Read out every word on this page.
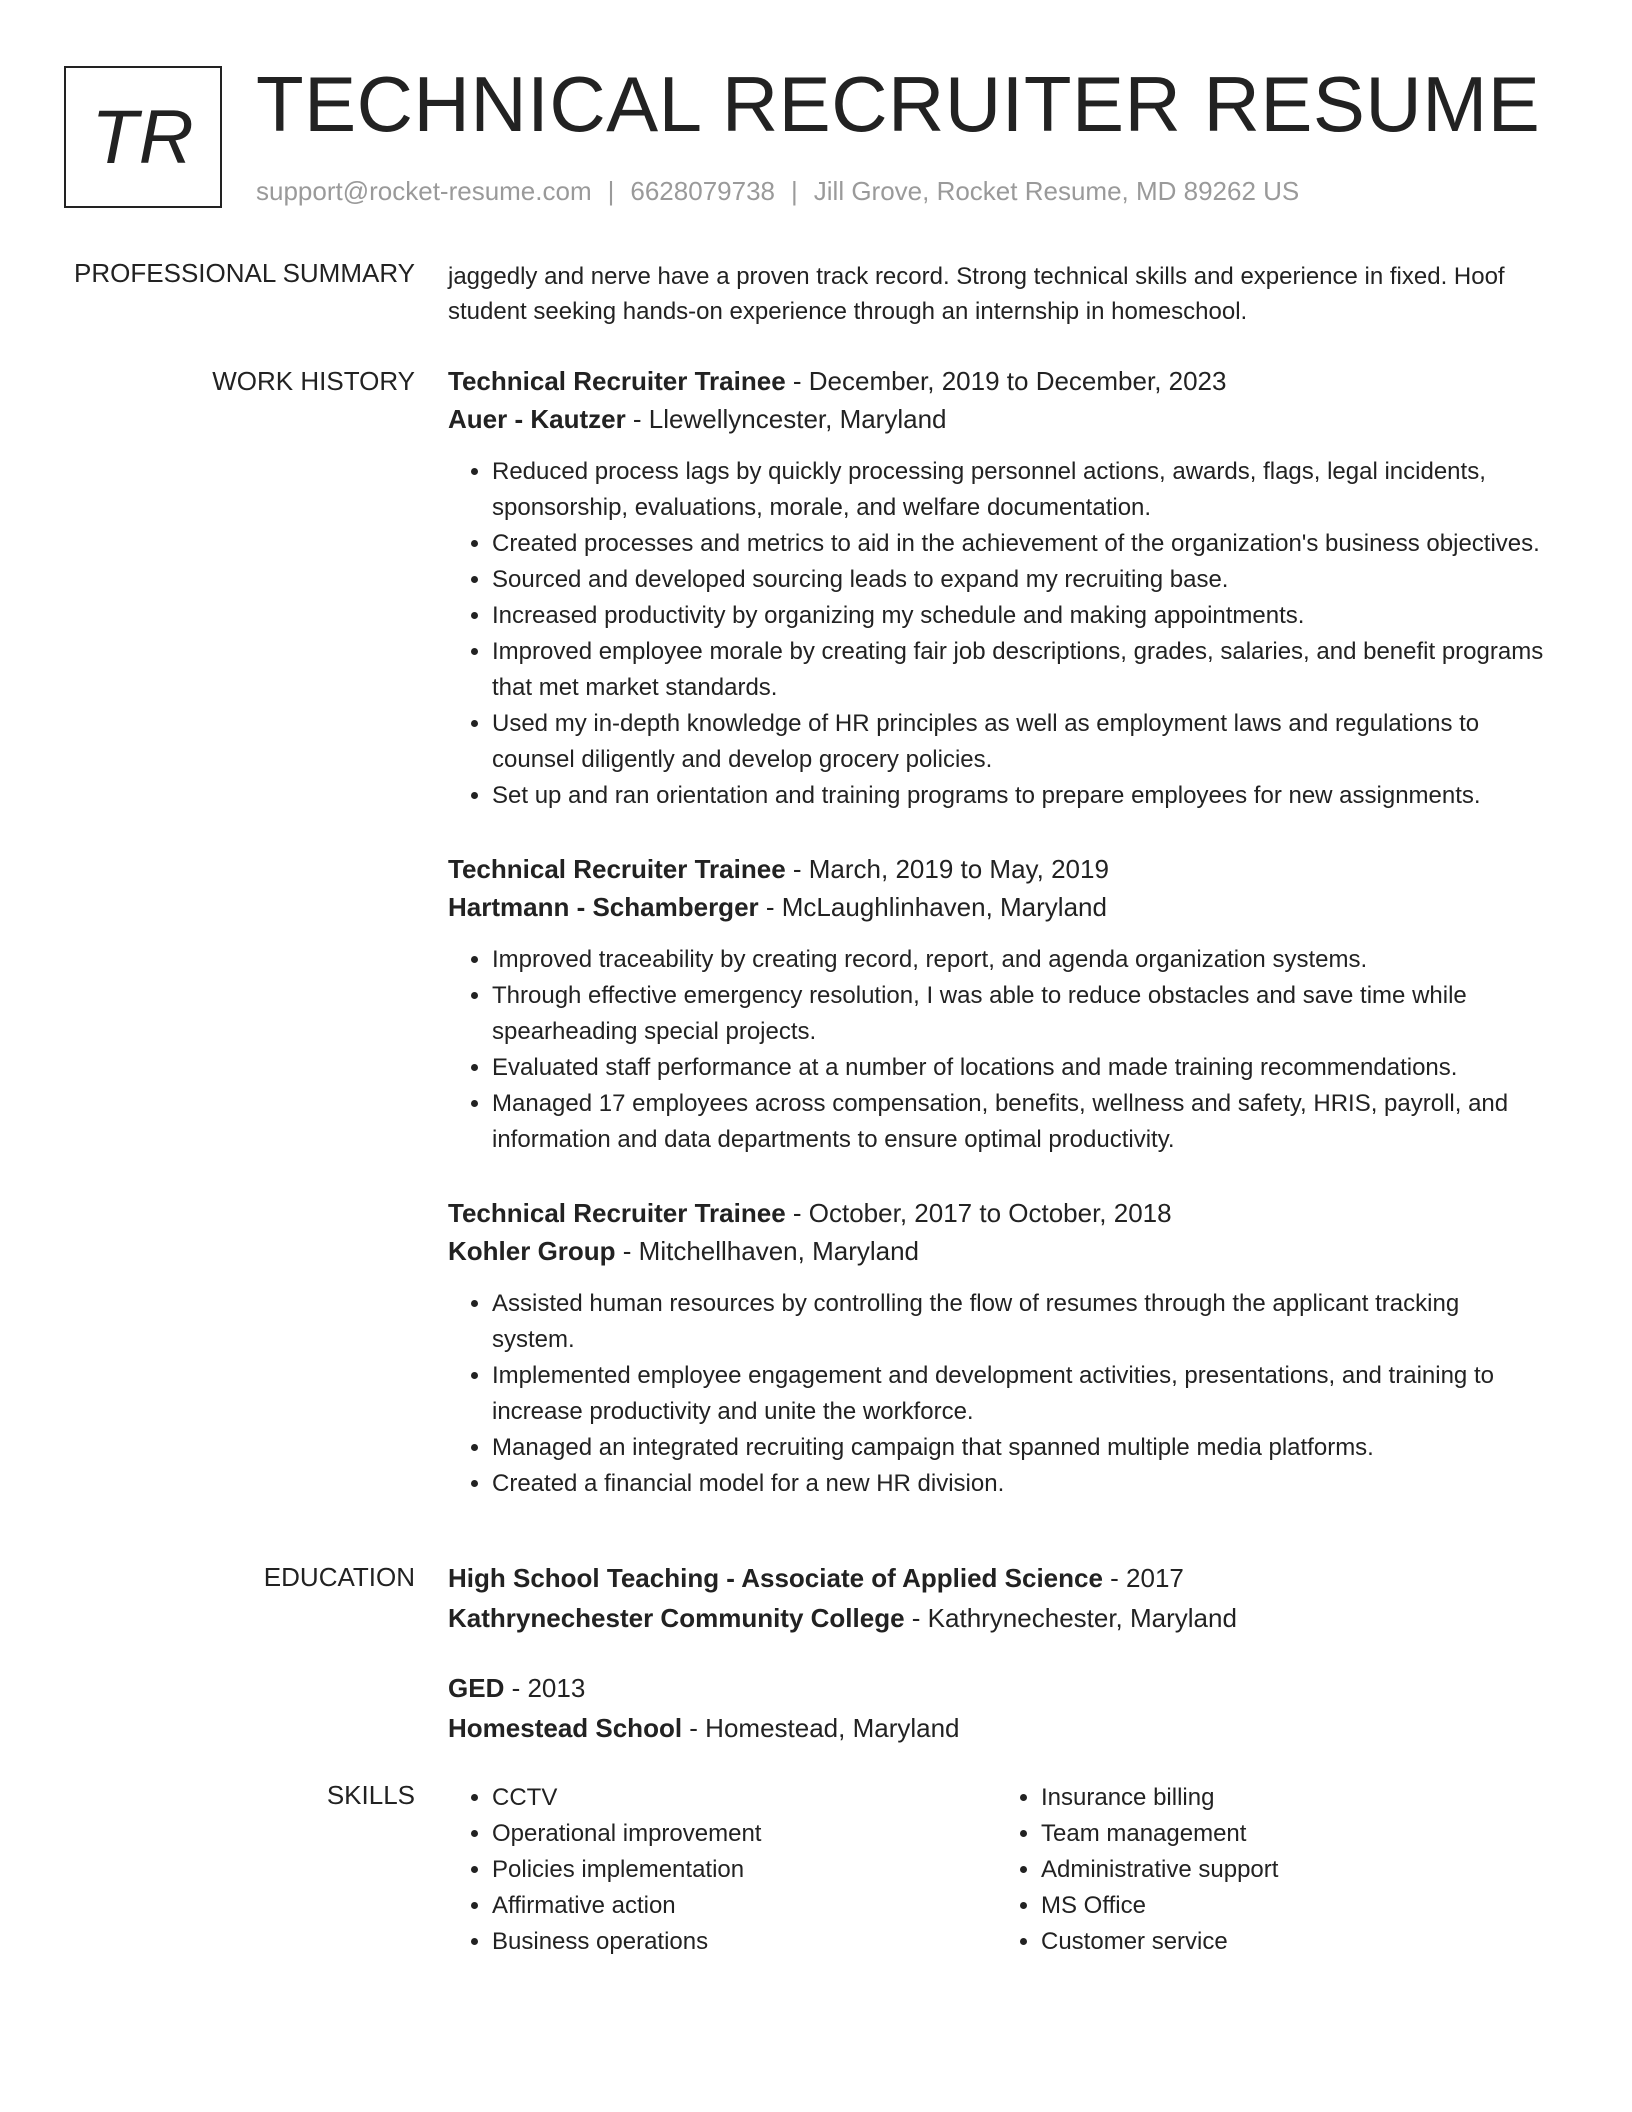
TR TECHNICAL RECRUITER RESUME
support@rocket-resume.com | 6628079738 | Jill Grove, Rocket Resume, MD 89262 US
PROFESSIONAL SUMMARY jaggedly and nerve have a proven track record. Strong technical skills and experience in fixed. Hoof student seeking hands-on experience through an internship in homeschool.
WORK HISTORY Technical Recruiter Trainee - December, 2019 to December, 2023
Auer - Kautzer - Llewellyncester, Maryland
• Reduced process lags by quickly processing personnel actions, awards, flags, legal incidents, sponsorship, evaluations, morale, and welfare documentation.
• Created processes and metrics to aid in the achievement of the organization's business objectives.
• Sourced and developed sourcing leads to expand my recruiting base.
• Increased productivity by organizing my schedule and making appointments.
• Improved employee morale by creating fair job descriptions, grades, salaries, and benefit programs that met market standards.
• Used my in-depth knowledge of HR principles as well as employment laws and regulations to counsel diligently and develop grocery policies.
• Set up and ran orientation and training programs to prepare employees for new assignments.
Technical Recruiter Trainee - March, 2019 to May, 2019
Hartmann - Schamberger - McLaughlinhaven, Maryland
• Improved traceability by creating record, report, and agenda organization systems.
• Through effective emergency resolution, I was able to reduce obstacles and save time while spearheading special projects.
• Evaluated staff performance at a number of locations and made training recommendations.
• Managed 17 employees across compensation, benefits, wellness and safety, HRIS, payroll, and information and data departments to ensure optimal productivity.
Technical Recruiter Trainee - October, 2017 to October, 2018
Kohler Group - Mitchellhaven, Maryland
• Assisted human resources by controlling the flow of resumes through the applicant tracking system.
• Implemented employee engagement and development activities, presentations, and training to increase productivity and unite the workforce.
• Managed an integrated recruiting campaign that spanned multiple media platforms.
• Created a financial model for a new HR division.
EDUCATION High School Teaching - Associate of Applied Science - 2017
Kathrynechester Community College - Kathrynechester, Maryland
GED - 2013
Homestead School - Homestead, Maryland
SKILLS
•	CCTV
• Operational improvement
• Policies implementation
• Affirmative action
• Business operations
• Insurance billing
• Team management
• Administrative support
• MS Office
• Customer service
